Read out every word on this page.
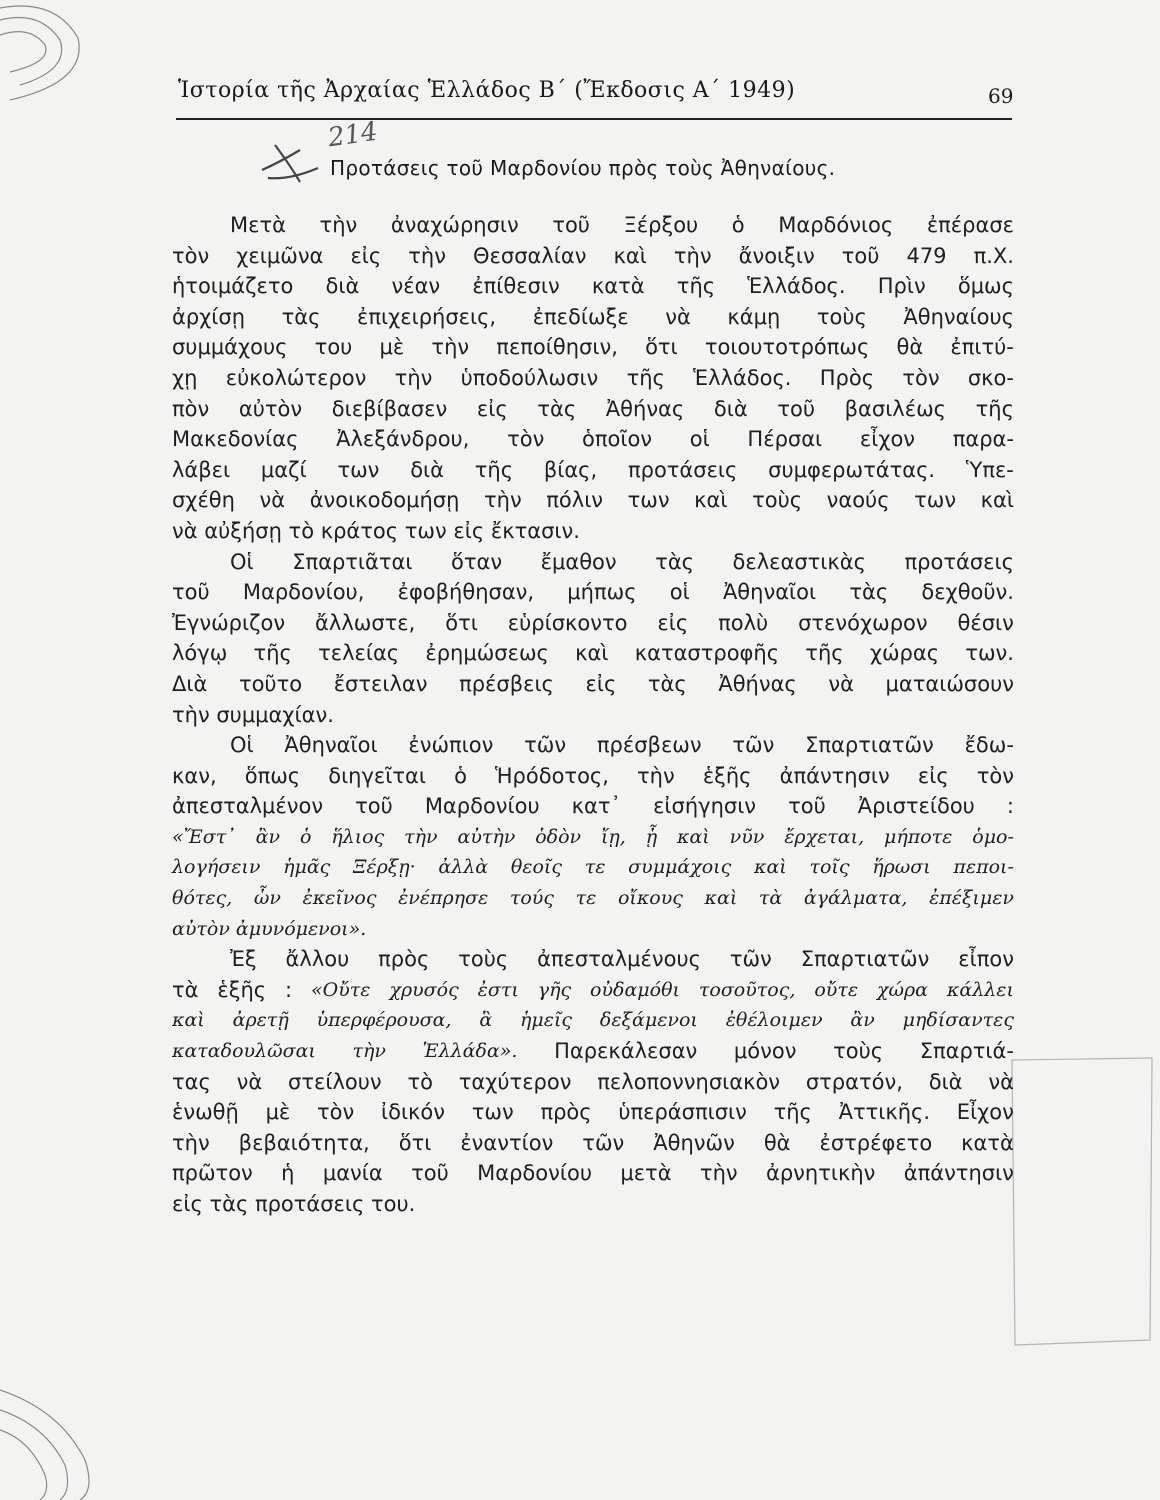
Ἱστορία τῆς Ἀρχαίας Ἑλλάδος Β΄ (Ἔκδοσις Α΄ 1949)	69
214
Προτάσεις τοῦ Μαρδονίου πρὸς τοὺς Ἀθηναίους.
Μετὰ τὴν ἀναχώρησιν τοῦ Ξέρξου ὁ Μαρδόνιος ἐπέρασε
τὸν χειμῶνα εἰς τὴν Θεσσαλίαν καὶ τὴν ἄνοιξιν τοῦ 479 π.Χ.
ἡτοιμάζετο διὰ νέαν ἐπίθεσιν κατὰ τῆς Ἑλλάδος. Πρὶν ὅμως
ἀρχίσῃ τὰς ἐπιχειρήσεις, ἐπεδίωξε νὰ κάμῃ τοὺς Ἀθηναίους
συμμάχους του μὲ τὴν πεποίθησιν, ὅτι τοιουτοτρόπως θὰ ἐπιτύ-
χῃ εὐκολώτερον τὴν ὑποδούλωσιν τῆς Ἑλλάδος. Πρὸς τὸν σκο-
πὸν αὐτὸν διεβίβασεν εἰς τὰς Ἀθήνας διὰ τοῦ βασιλέως τῆς
Μακεδονίας Ἀλεξάνδρου, τὸν ὁποῖον οἱ Πέρσαι εἶχον παρα-
λάβει μαζί των διὰ τῆς βίας, προτάσεις συμφερωτάτας. Ὑπε-
σχέθη νὰ ἀνοικοδομήσῃ τὴν πόλιν των καὶ τοὺς ναούς των καὶ
νὰ αὐξήσῃ τὸ κράτος των εἰς ἔκτασιν.
Οἱ Σπαρτιᾶται ὅταν ἔμαθον τὰς δελεαστικὰς προτάσεις
τοῦ Μαρδονίου, ἐφοβήθησαν, μήπως οἱ Ἀθηναῖοι τὰς δεχθοῦν.
Ἐγνώριζον ἄλλωστε, ὅτι εὑρίσκοντο εἰς πολὺ στενόχωρον θέσιν
λόγῳ τῆς τελείας ἐρημώσεως καὶ καταστροφῆς τῆς χώρας των.
Διὰ τοῦτο ἔστειλαν πρέσβεις εἰς τὰς Ἀθήνας νὰ ματαιώσουν
τὴν συμμαχίαν.
Οἱ Ἀθηναῖοι ἐνώπιον τῶν πρέσβεων τῶν Σπαρτιατῶν ἔδω-
καν, ὅπως διηγεῖται ὁ Ἡρόδοτος, τὴν ἑξῆς ἀπάντησιν εἰς τὸν
ἀπεσταλμένον τοῦ Μαρδονίου κατ᾿ εἰσήγησιν τοῦ Ἀριστείδου :
«Ἔστ᾿ ἂν ὁ ἥλιος τὴν αὐτὴν ὁδὸν ἴῃ, ᾗ καὶ νῦν ἔρχεται, μήποτε ὁμο-
λογήσειν ἡμᾶς Ξέρξῃ· ἀλλὰ θεοῖς τε συμμάχοις καὶ τοῖς ἥρωσι πεποι-
θότες, ὧν ἐκεῖνος ἐνέπρησε τούς τε οἴκους καὶ τὰ ἀγάλματα, ἐπέξιμεν
αὐτὸν ἀμυνόμενοι».
Ἐξ ἄλλου πρὸς τοὺς ἀπεσταλμένους τῶν Σπαρτιατῶν εἶπον
τὰ ἑξῆς : «Οὔτε χρυσός ἐστι γῆς οὐδαμόθι τοσοῦτος, οὔτε χώρα κάλλει
καὶ ἀρετῇ ὑπερφέρουσα, ἃ ἡμεῖς δεξάμενοι ἐθέλοιμεν ἂν μηδίσαντες
καταδουλῶσαι τὴν Ἑλλάδα». Παρεκάλεσαν μόνον τοὺς Σπαρτιά-
τας νὰ στείλουν τὸ ταχύτερον πελοποννησιακὸν στρατόν, διὰ νὰ
ἑνωθῇ μὲ τὸν ἰδικόν των πρὸς ὑπεράσπισιν τῆς Ἀττικῆς. Εἶχον
τὴν βεβαιότητα, ὅτι ἐναντίον τῶν Ἀθηνῶν θὰ ἐστρέφετο κατὰ
πρῶτον ἡ μανία τοῦ Μαρδονίου μετὰ τὴν ἀρνητικὴν ἀπάντησιν
εἰς τὰς προτάσεις του.
